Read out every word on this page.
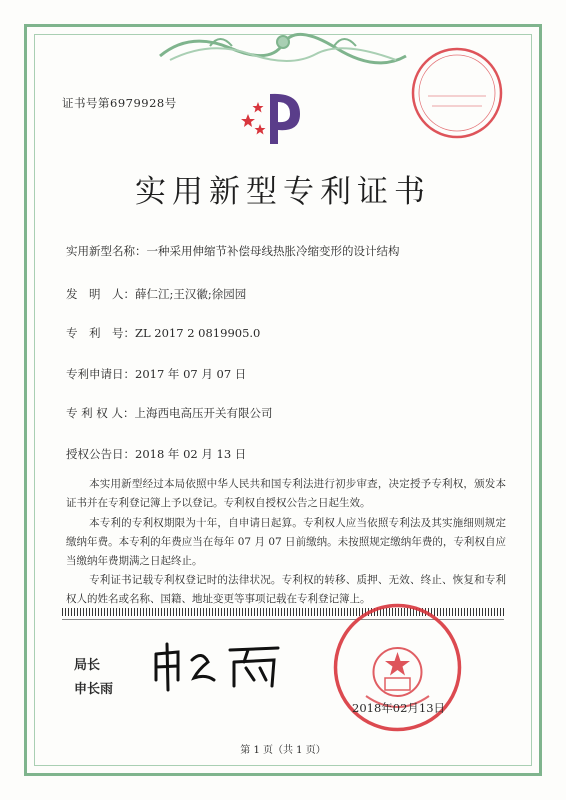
证书号第6979928号
实用新型专利证书
实用新型名称：一种采用伸缩节补偿母线热胀冷缩变形的设计结构
发　明　人：薛仁江;王汉徽;徐园园
专　利　号：ZL 2017 2 0819905.0
专利申请日：2017 年 07 月 07 日
专 利 权 人：上海西电高压开关有限公司
授权公告日：2018 年 02 月 13 日
本实用新型经过本局依照中华人民共和国专利法进行初步审查，决定授予专利权，颁发本证书并在专利登记簿上予以登记。专利权自授权公告之日起生效。
本专利的专利权期限为十年，自申请日起算。专利权人应当依照专利法及其实施细则规定缴纳年费。本专利的年费应当在每年 07 月 07 日前缴纳。未按照规定缴纳年费的，专利权自应当缴纳年费期满之日起终止。
专利证书记载专利权登记时的法律状况。专利权的转移、质押、无效、终止、恢复和专利权人的姓名或名称、国籍、地址变更等事项记载在专利登记簿上。
局长
申长雨
2018年02月13日
第 1 页（共 1 页）
